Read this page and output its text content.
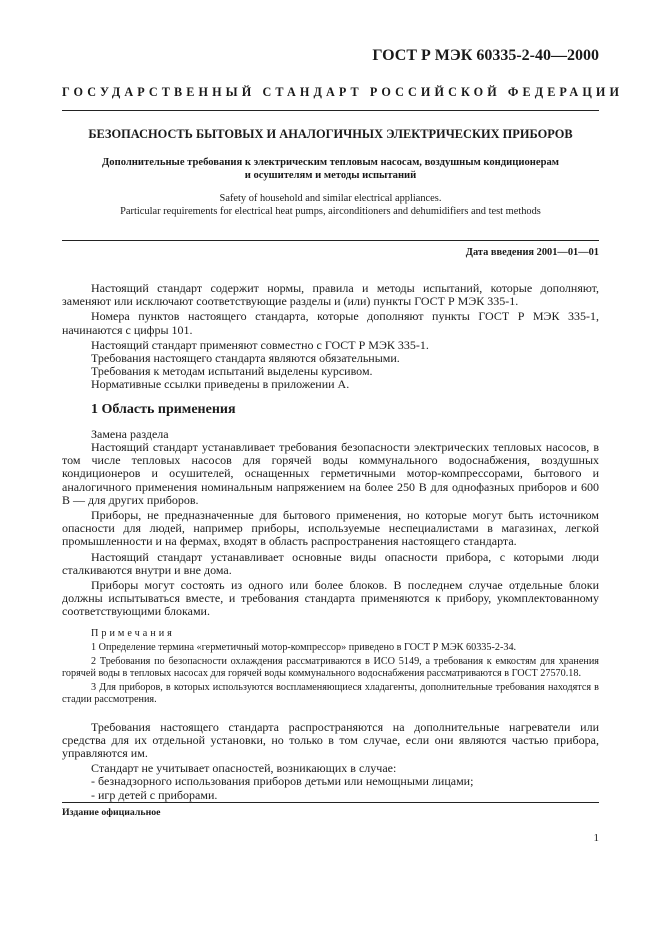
ГОСТ Р МЭК 60335-2-40—2000
ГОСУДАРСТВЕННЫЙ СТАНДАРТ РОССИЙСКОЙ ФЕДЕРАЦИИ
БЕЗОПАСНОСТЬ БЫТОВЫХ И АНАЛОГИЧНЫХ ЭЛЕКТРИЧЕСКИХ ПРИБОРОВ
Дополнительные требования к электрическим тепловым насосам, воздушным кондиционерам
и осушителям и методы испытаний
Safety of household and similar electrical appliances.
Particular requirements for electrical heat pumps, airconditioners and dehumidifiers and test methods
Дата введения 2001—01—01

Настоящий стандарт содержит нормы, правила и методы испытаний, которые дополняют, заменяют или исключают соответствующие разделы и (или) пункты ГОСТ Р МЭК 335-1.

Номера пунктов настоящего стандарта, которые дополняют пункты ГОСТ Р МЭК 335-1, начинаются с цифры 101.

Настоящий стандарт применяют совместно с ГОСТ Р МЭК 335-1.

Требования настоящего стандарта являются обязательными.

Требования к методам испытаний выделены курсивом.

Нормативные ссылки приведены в приложении А.

1 Область применения

Замена раздела

Настоящий стандарт устанавливает требования безопасности электрических тепловых насосов, в том числе тепловых насосов для горячей воды коммунального водоснабжения, воздушных кондиционеров и осушителей, оснащенных герметичными мотор-компрессорами, бытового и аналогичного применения номинальным напряжением на более 250 В для однофазных приборов и 600 В — для других приборов.

Приборы, не предназначенные для бытового применения, но которые могут быть источником опасности для людей, например приборы, используемые неспециалистами в магазинах, легкой промышленности и на фермах, входят в область распространения настоящего стандарта.

Настоящий стандарт устанавливает основные виды опасности прибора, с которыми люди сталкиваются внутри и вне дома.

Приборы могут состоять из одного или более блоков. В последнем случае отдельные блоки должны испытываться вместе, и требования стандарта применяются к прибору, укомплектованному соответствующими блоками.

Примечания

1 Определение термина «герметичный мотор-компрессор» приведено в ГОСТ Р МЭК 60335-2-34.

2 Требования по безопасности охлаждения рассматриваются в ИСО 5149, а требования к емкостям для хранения горячей воды в тепловых насосах для горячей воды коммунального водоснабжения рассматриваются в ГОСТ 27570.18.

3 Для приборов, в которых используются воспламеняющиеся хладагенты, дополнительные требования находятся в стадии рассмотрения.

Требования настоящего стандарта распространяются на дополнительные нагреватели или средства для их отдельной установки, но только в том случае, если они являются частью прибора, управляются им.

Стандарт не учитывает опасностей, возникающих в случае:

- безнадзорного использования приборов детьми или немощными лицами;

- игр детей с приборами.

Издание официальное
1
